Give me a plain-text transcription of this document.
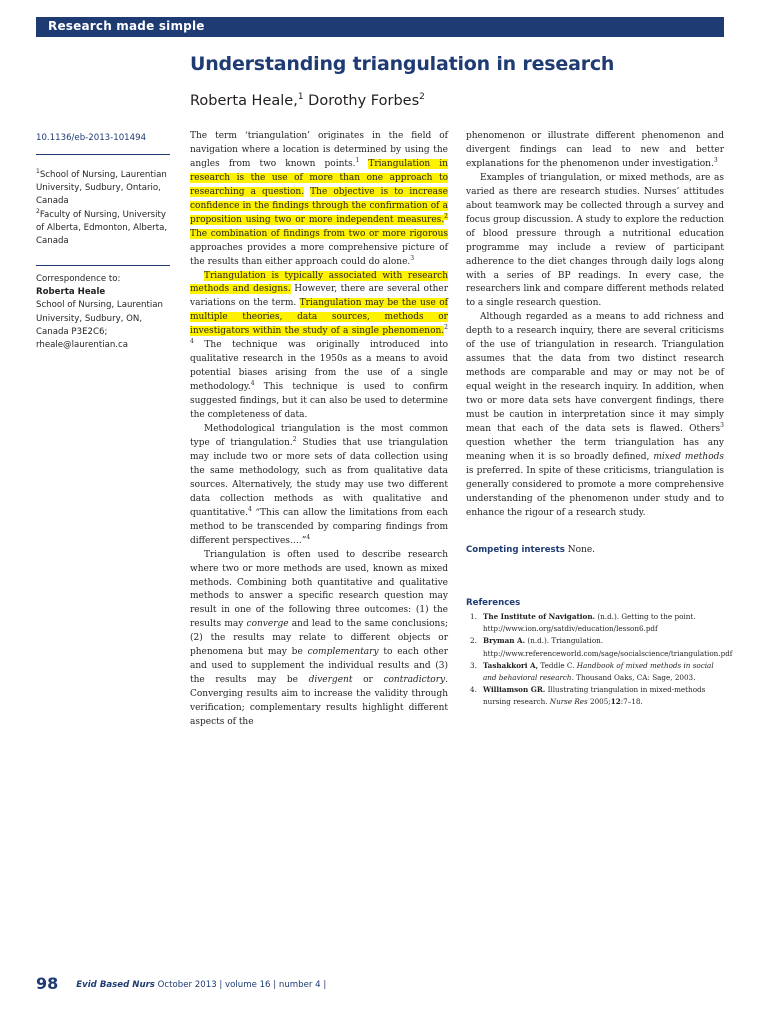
Research made simple
Understanding triangulation in research
Roberta Heale,$^1$ Dorothy Forbes$^2$
10.1136/eb-2013-101494
$^1$School of Nursing, Laurentian University, Sudbury, Ontario, Canada
$^2$Faculty of Nursing, University of Alberta, Edmonton, Alberta, Canada
Correspondence to:
Roberta Heale
School of Nursing, Laurentian
University, Sudbury, ON,
Canada P3E2C6;
rheale@laurentian.ca

The term ‘triangulation’ originates in the field of navigation where a location is determined by using the angles from two known points.$^1$ Triangulation in research is the use of more than one approach to researching a question. The objective is to increase confidence in the findings through the confirmation of a proposition using two or more independent measures.$^2$ The combination of findings from two or more rigorous approaches provides a more comprehensive picture of the results than either approach could do alone.$^3$

Triangulation is typically associated with research methods and designs. However, there are several other variations on the term. Triangulation may be the use of multiple theories, data sources, methods or investigators within the study of a single phenomenon.$^{2 4}$ The technique was originally introduced into qualitative research in the 1950s as a means to avoid potential biases arising from the use of a single methodology.$^4$ This technique is used to confirm suggested findings, but it can also be used to determine the completeness of data.

Methodological triangulation is the most common type of triangulation.$^2$ Studies that use triangulation may include two or more sets of data collection using the same methodology, such as from qualitative data sources. Alternatively, the study may use two different data collection methods as with qualitative and quantitative.$^4$ “This can allow the limitations from each method to be transcended by comparing findings from different perspectives….”$^4$

Triangulation is often used to describe research where two or more methods are used, known as mixed methods. Combining both quantitative and qualitative methods to answer a specific research question may result in one of the following three outcomes: (1) the results may converge and lead to the same conclusions; (2) the results may relate to different objects or phenomena but may be complementary to each other and used to supplement the individual results and (3) the results may be divergent or contradictory. Converging results aim to increase the validity through verification; complementary results highlight different aspects of the

phenomenon or illustrate different phenomenon and divergent findings can lead to new and better explanations for the phenomenon under investigation.$^3$

Examples of triangulation, or mixed methods, are as varied as there are research studies. Nurses’ attitudes about teamwork may be collected through a survey and focus group discussion. A study to explore the reduction of blood pressure through a nutritional education programme may include a review of participant adherence to the diet changes through daily logs along with a series of BP readings. In every case, the researchers link and compare different methods related to a single research question.

Although regarded as a means to add richness and depth to a research inquiry, there are several criticisms of the use of triangulation in research. Triangulation assumes that the data from two distinct research methods are comparable and may or may not be of equal weight in the research inquiry. In addition, when two or more data sets have convergent findings, there must be caution in interpretation since it may simply mean that each of the data sets is flawed. Others$^3$ question whether the term triangulation has any meaning when it is so broadly defined, mixed methods is preferred. In spite of these criticisms, triangulation is generally considered to promote a more comprehensive understanding of the phenomenon under study and to enhance the rigour of a research study.

Competing interests None.
References
1. The Institute of Navigation. (n.d.). Getting to the point. http://www.ion.org/satdiv/education/lesson6.pdf
2. Bryman A. (n.d.). Triangulation. http://www.referenceworld.com/sage/socialscience/triangulation.pdf
3. Tashakkori A, Teddle C. Handbook of mixed methods in social and behavioral research. Thousand Oaks, CA: Sage, 2003.
4. Williamson GR. Illustrating triangulation in mixed-methods nursing research. Nurse Res 2005;12:7–18.
98 Evid Based Nurs October 2013 | volume 16 | number 4 |
